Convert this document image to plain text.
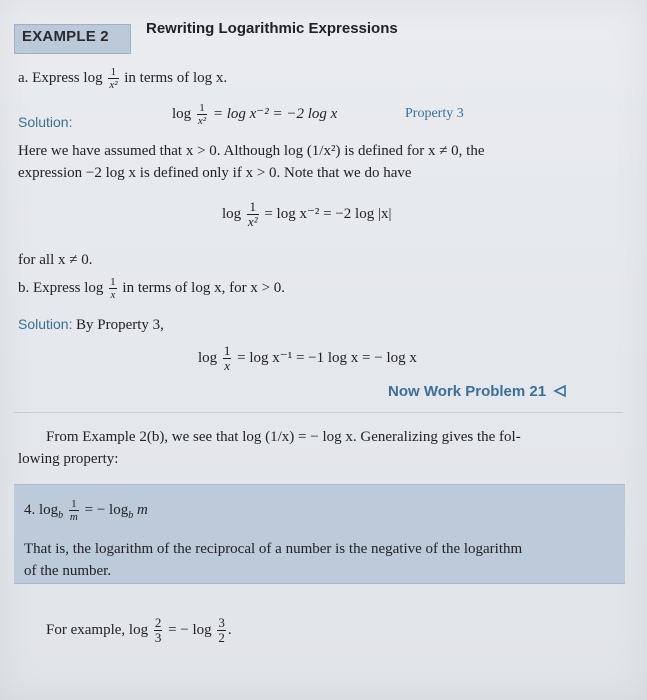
EXAMPLE 2 Rewriting Logarithmic Expressions
a. Express $\log \frac{1}{\text{x²}}$ in terms of log x.
Solution:
$\log \frac{1}{\text{x²}} = \log x^{-2} = -2$ log x	Property 3
Here we have assumed that x > 0. Although log (1/x²) is defined for x ≠ 0, the
expression −2 log x is defined only if x > 0. Note that we do have
$\log \frac{1}{\text{x²}} = \log x^{-2} = -2$ log |x|
for all x ≠ 0.
b. Express $\log \frac{1}{x}$ in terms of log x, for x > 0.
Solution: By Property 3,
$\log \frac{1}{x} = \log x^{-1} = -1$ log x = − log x
Now Work Problem 21
From Example 2(b), we see that log (1/x) = − log x. Generalizing gives the fol-
lowing property:
4. $\log_b \frac{1}{m}$ = − $\log_b m$
That is, the logarithm of the reciprocal of a number is the negative of the logarithm
of the number.
For example, $\log \frac{2}{3}$ = − $\log \frac{3}{2}$ .
